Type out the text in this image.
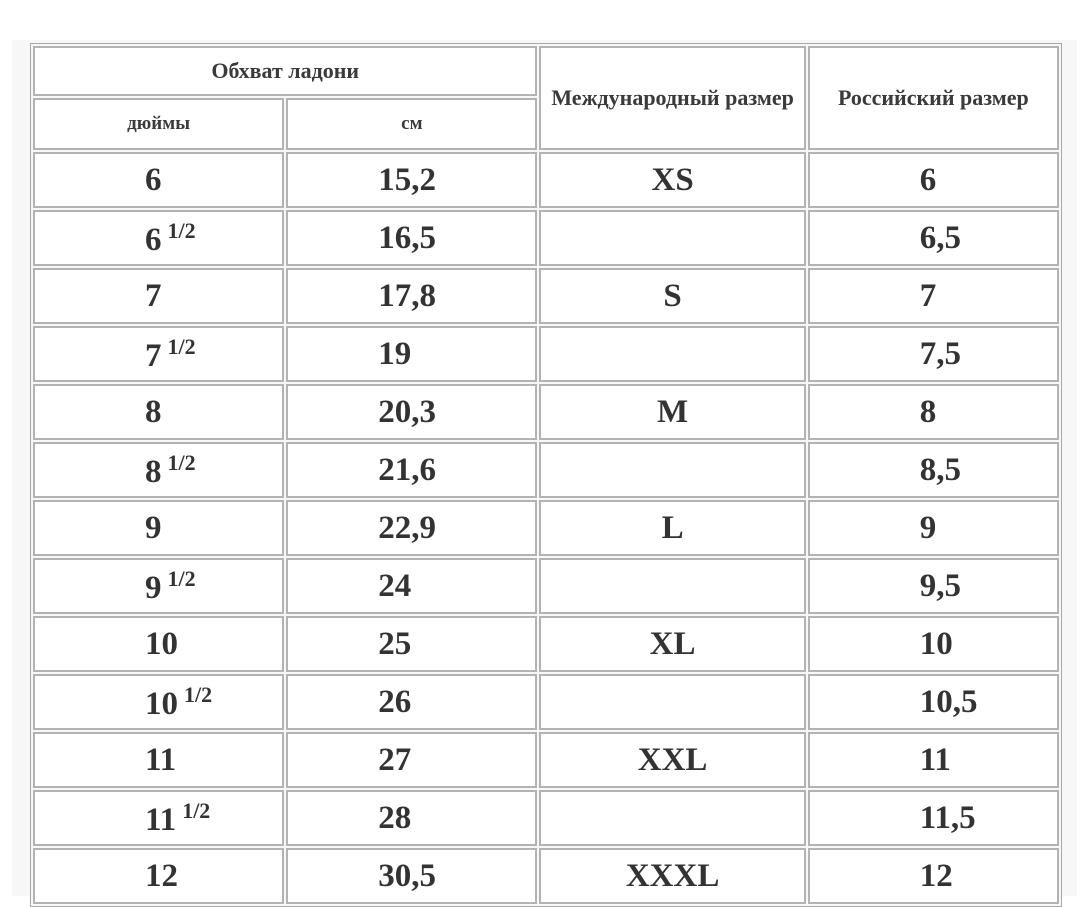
Обхват ладони		Международный размер	Российский размер
дюймы	см		
6	15,2	XS	6
6 $^{1/2}$	16,5		6,5
7	17,8	S	7
7 $^{1/2}$	19		7,5
8	20,3	M	8
8 $^{1/2}$	21,6		8,5
9	22,9	L	9
9 $^{1/2}$	24		9,5
10	25	XL	10
10 $^{1/2}$	26		10,5
11	27	XXL	11
11 $^{1/2}$	28		11,5
12	30,5	XXXL	12
